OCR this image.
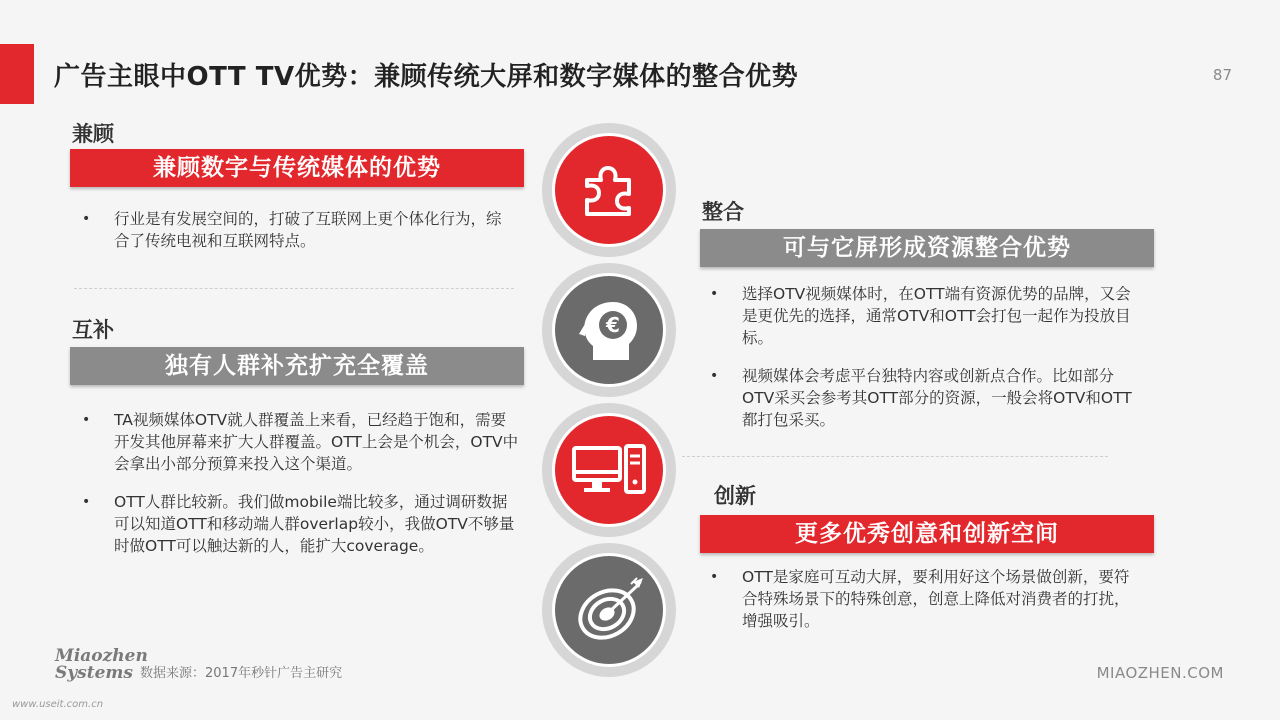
广告主眼中OTT TV优势：兼顾传统大屏和数字媒体的整合优势	87
兼顾
兼顾数字与传统媒体的优势
• 行业是有发展空间的，打破了互联网上更个体化行为，综合了传统电视和互联网特点。
互补
独有人群补充扩充全覆盖
• TA视频媒体OTV就人群覆盖上来看，已经趋于饱和，需要开发其他屏幕来扩大人群覆盖。OTT上会是个机会，OTV中会拿出小部分预算来投入这个渠道。
• OTT人群比较新。我们做mobile端比较多，通过调研数据可以知道OTT和移动端人群overlap较小，我做OTV不够量时做OTT可以触达新的人，能扩大coverage。
整合
可与它屏形成资源整合优势
• 选择OTV视频媒体时，在OTT端有资源优势的品牌，又会是更优先的选择，通常OTV和OTT会打包一起作为投放目标。
• 视频媒体会考虑平台独特内容或创新点合作。比如部分OTV采买会参考其OTT部分的资源，一般会将OTV和OTT都打包采买。
创新
更多优秀创意和创新空间
• OTT是家庭可互动大屏，要利用好这个场景做创新，要符合特殊场景下的特殊创意，创意上降低对消费者的打扰，增强吸引。
€
Miaozhen
Systems 数据来源：2017年秒针广告主研究
www.useit.com.cn
MIAOZHEN.COM
